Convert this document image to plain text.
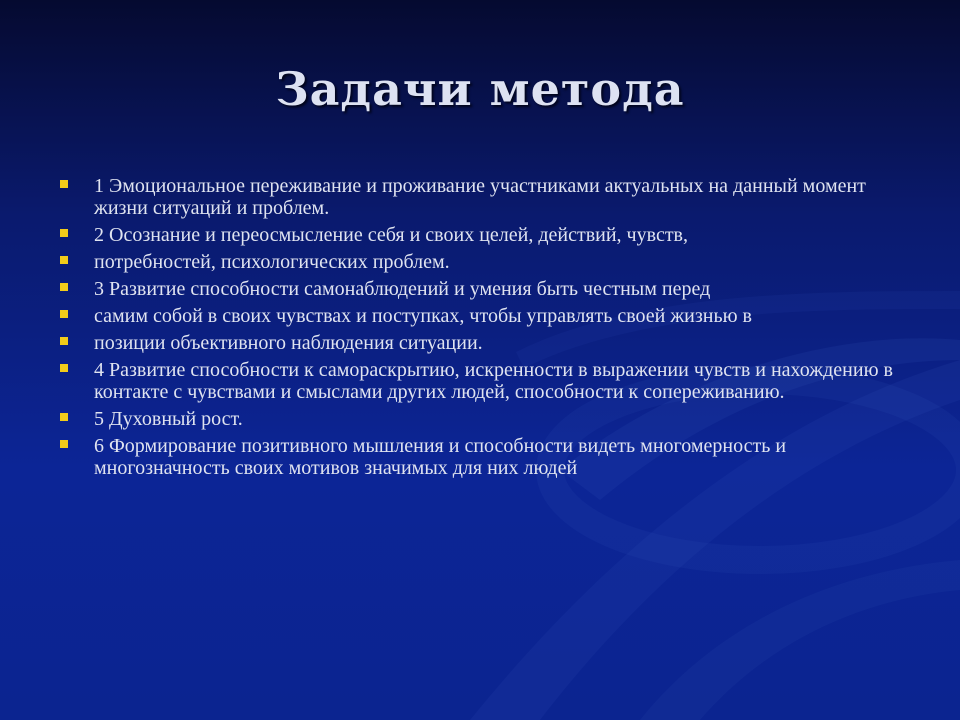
Задачи метода
1 Эмоциональное переживание и проживание участниками актуальных на данный момент жизни ситуаций и проблем.
2 Осознание и переосмысление себя и своих целей, действий, чувств,
потребностей, психологических проблем.
3 Развитие способности самонаблюдений и умения быть честным перед
самим собой в своих чувствах и поступках, чтобы управлять своей жизнью в
позиции объективного наблюдения ситуации.
4 Развитие способности к самораскрытию, искренности в выражении чувств и нахождению в контакте с чувствами и смыслами других людей, способности к сопереживанию.
5 Духовный рост.
6 Формирование позитивного мышления и способности видеть многомерность и многозначность своих мотивов значимых для них людей
